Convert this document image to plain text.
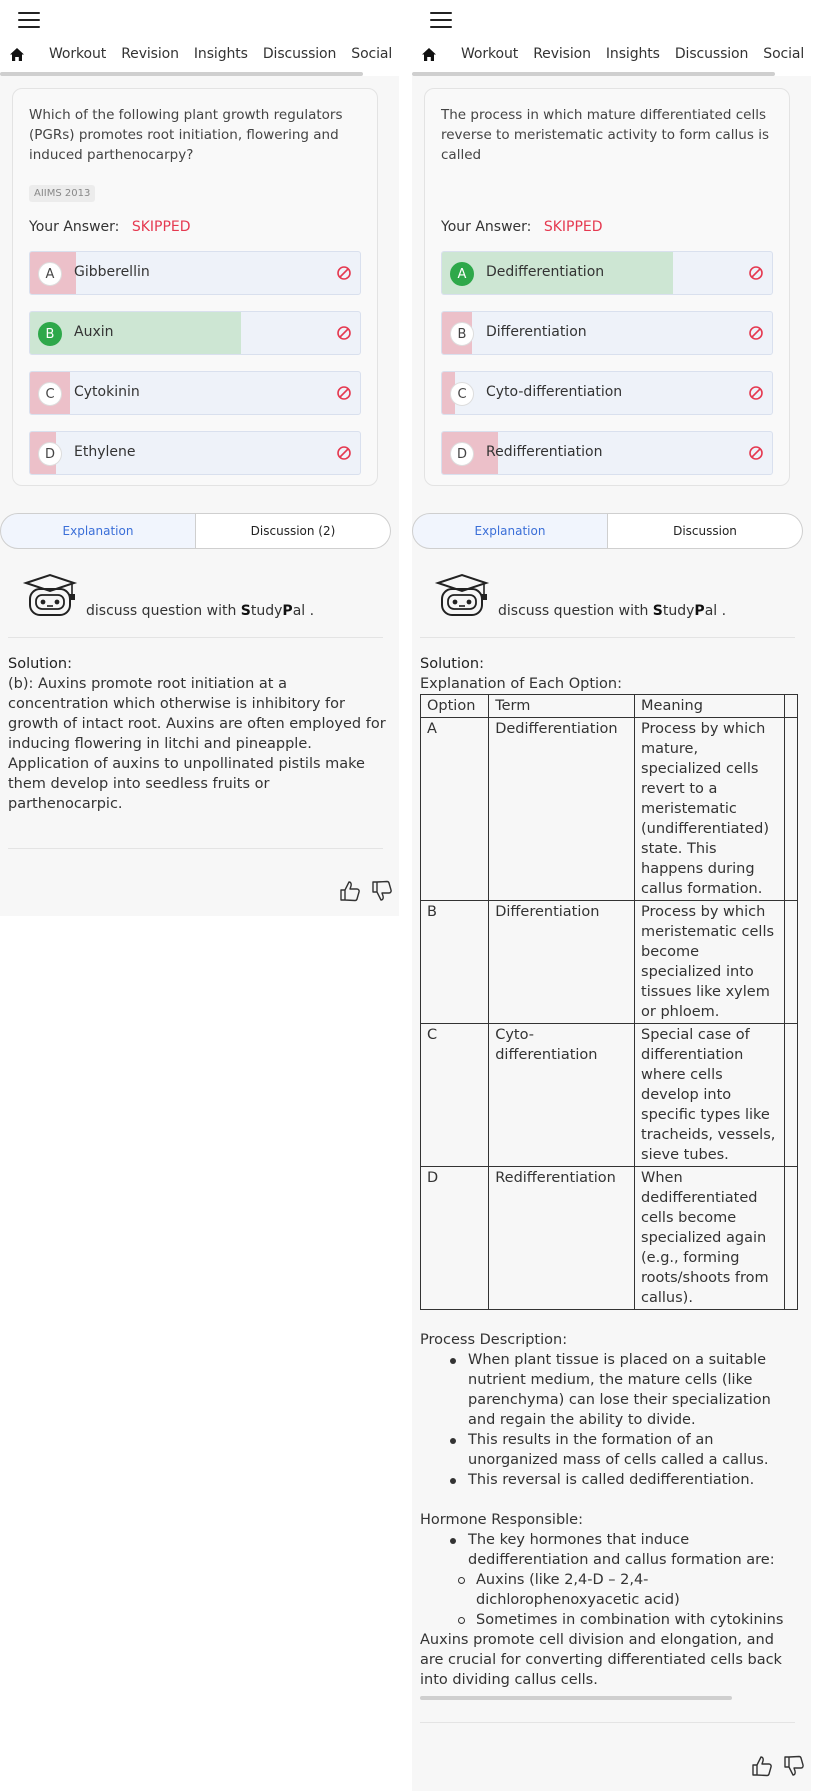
Workout Revision Insights Discussion Social
Which of the following plant growth regulators (PGRs) promotes root initiation, flowering and induced parthenocarpy?
AIIMS 2013
Your Answer: SKIPPED
A	Gibberellin
B	Auxin
C	Cytokinin
D	Ethylene
Explanation	Discussion (2)
discuss question with StudyPal .
Solution:
(b): Auxins promote root initiation at a concentration which otherwise is inhibitory for growth of intact root. Auxins are often employed for inducing flowering in litchi and pineapple. Application of auxins to unpollinated pistils make them develop into seedless fruits or parthenocarpic.
Workout Revision Insights Discussion Social
The process in which mature differentiated cells reverse to meristematic activity to form callus is called
Your Answer: SKIPPED
A	Dedifferentiation
B	Differentiation
C	Cyto-differentiation
D	Redifferentiation
Explanation	Discussion
discuss question with StudyPal .
Solution:
Explanation of Each Option:
Option	Term	Meaning	
A	Dedifferentiation	Process by which mature, specialized cells revert to a meristematic (undifferentiated) state. This happens during callus formation.	
B	Differentiation	Process by which meristematic cells become specialized into tissues like xylem or phloem.	
C	Cyto-differentiation	Special case of differentiation where cells develop into specific types like tracheids, vessels, sieve tubes.	
D	Redifferentiation	When dedifferentiated cells become specialized again (e.g., forming roots/shoots from callus).	
Process Description:
When plant tissue is placed on a suitable nutrient medium, the mature cells (like parenchyma) can lose their specialization and regain the ability to divide.
This results in the formation of an unorganized mass of cells called a callus.
This reversal is called dedifferentiation.
Hormone Responsible:
The key hormones that induce dedifferentiation and callus formation are:
Auxins (like 2,4-D – 2,4-dichlorophenoxyacetic acid)
Sometimes in combination with cytokinins
Auxins promote cell division and elongation, and are crucial for converting differentiated cells back into dividing callus cells.
